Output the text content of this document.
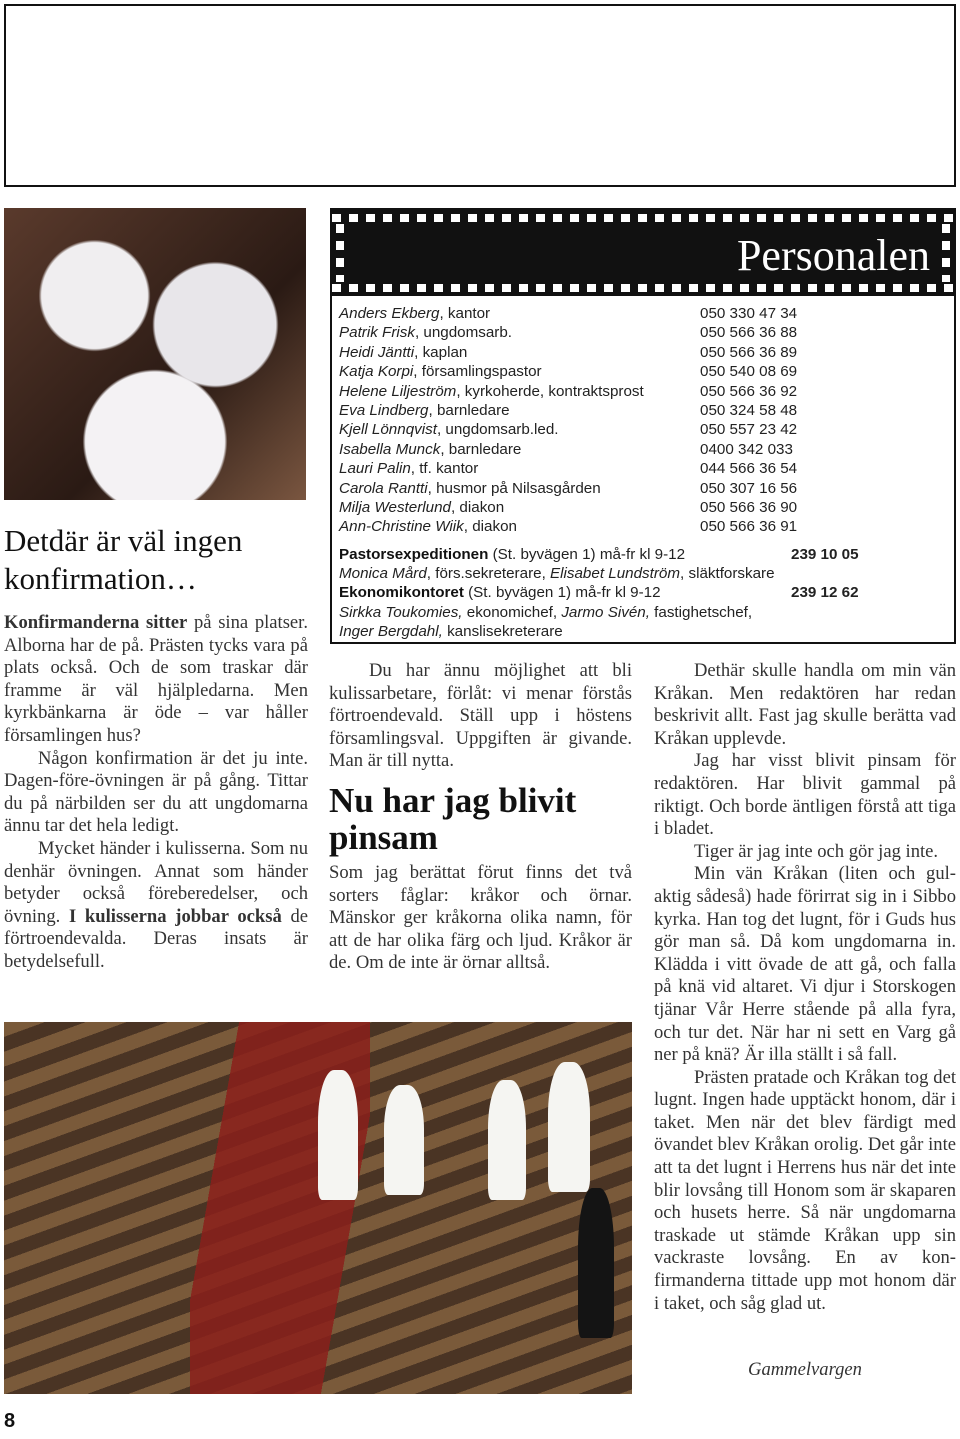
Detdär är väl ingen konfirmation…

Konfirmanderna sitter på sina platser. Alborna har de på. Prästen tycks vara på plats också. Och de som traskar där framme är väl hjälpledarna. Men kyrkbänkarna är öde – var håller församlingen hus?

Någon konfirmation är det ju inte. Dagen-före-övningen är på gång. Tittar du på närbilden ser du att ungdomarna ännu tar det hela ledigt.

Mycket händer i kulisserna. Som nu denhär övningen. Annat som händer betyder också föreberedelser, och övning. I kulisserna jobbar också de förtroendevalda. Deras insats är betydelsefull.

Personalen
Anders Ekberg, kantor	050 330 47 34
Patrik Frisk, ungdomsarb.	050 566 36 88
Heidi Jäntti, kaplan	050 566 36 89
Katja Korpi, församlingspastor	050 540 08 69
Helene Liljeström, kyrkoherde, kontraktsprost	050 566 36 92
Eva Lindberg, barnledare	050 324 58 48
Kjell Lönnqvist, ungdomsarb.led.	050 557 23 42
Isabella Munck, barnledare	0400 342 033
Lauri Palin, tf. kantor	044 566 36 54
Carola Rantti, husmor på Nilsasgården	050 307 16 56
Milja Westerlund, diakon	050 566 36 90
Ann-Christine Wiik, diakon	050 566 36 91
Pastorsexpeditionen (St. byvägen 1) må-fr kl 9-12	239 10 05
Monica Mård, förs.sekreterare, Elisabet Lundström, släktforskare
Ekonomikontoret (St. byvägen 1) må-fr kl 9-12	239 12 62
Sirkka Toukomies, ekonomichef, Jarmo Sivén, fastighetschef,
Inger Bergdahl, kanslisekreterare

Du har ännu möjlighet att bli kulissarbetare, förlåt: vi menar förstås förtroendevald. Ställ upp i höstens församlingsval. Uppgiften är givande. Man är till nytta.

Nu har jag blivit pinsam

Som jag berättat förut finns det två sorters fåglar: kråkor och örnar. Mänskor ger kråkorna olika namn, för att de har olika färg och ljud. Kråkor är de. Om de inte är örnar alltså.

Dethär skulle handla om min vän Kråkan. Men redaktören har redan beskrivit allt. Fast jag skulle berätta vad Kråkan upplevde.

Jag har visst blivit pinsam för redaktören. Har blivit gammal på riktigt. Och borde äntligen förstå att tiga i bladet.

Tiger är jag inte och gör jag inte.

Min vän Kråkan (liten och gulaktig sådeså) hade förirrat sig in i Sibbo kyrka. Han tog det lugnt, för i Guds hus gör man så. Då kom ungdomarna in. Klädda i vitt övade de att gå, och falla på knä vid altaret. Vi djur i Storskogen tjänar Vår Herre stående på alla fyra, och tur det. När har ni sett en Varg gå ner på knä? Är illa ställt i så fall.

Prästen pratade och Kråkan tog det lugnt. Ingen hade upptäckt honom, där i taket. Men när det blev färdigt med övandet blev Kråkan orolig. Det går inte att ta det lugnt i Herrens hus när det inte blir lovsång till Honom som är skaparen och husets herre. Så när ungdomarna traskade ut stämde Kråkan upp sin vackraste lovsång. En av konfirmanderna tittade upp mot honom där i taket, och såg glad ut.

Gammelvargen
8
